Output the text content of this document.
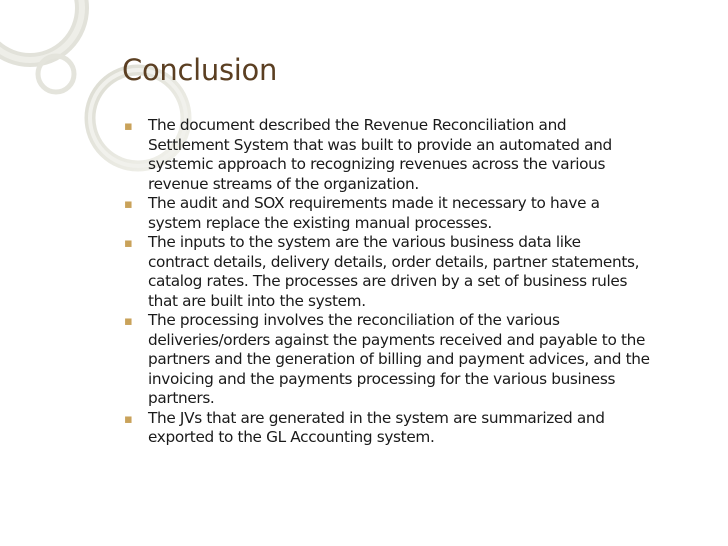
Conclusion
▪ The document described the Revenue Reconciliation and
Settlement System that was built to provide an automated and
systemic approach to recognizing revenues across the various
revenue streams of the organization.
▪ The audit and SOX requirements made it necessary to have a
system replace the existing manual processes.
▪ The inputs to the system are the various business data like
contract details, delivery details, order details, partner statements,
catalog rates. The processes are driven by a set of business rules
that are built into the system.
▪ The processing involves the reconciliation of the various
deliveries/orders against the payments received and payable to the
partners and the generation of billing and payment advices, and the
invoicing and the payments processing for the various business
partners.
▪ The JVs that are generated in the system are summarized and
exported to the GL Accounting system.
